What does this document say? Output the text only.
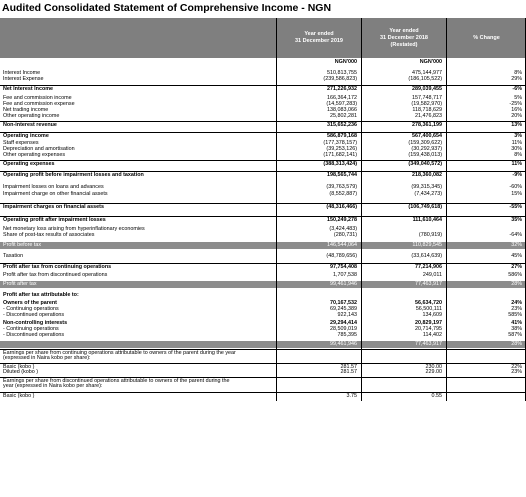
Audited Consolidated Statement of Comprehensive Income - NGN
Year ended
31 December 2019
Year ended
31 December 2018
(Restated)
% Change
NGN'000	NGN'000
Interest Income	510,813,755	475,144,977	8%
Interest Expense	(239,586,823)	(186,105,522)	29%
Net Interest Income	271,226,932	289,039,455	-6%
Fee and commission income	166,364,172	157,748,717	5%
Fee and commission expense	(14,597,283)	(19,582,970)	-25%
Net trading income	138,083,066	118,718,629	16%
Other operating income	25,802,281	21,476,823	20%
Non-interest revenue	315,652,236	278,361,199	13%
Operating income	586,879,168	567,400,654	3%
Staff expenses	(177,378,157)	(159,309,622)	11%
Depreciation and amortisation	(39,253,126)	(30,292,937)	30%
Other operating expenses	(171,682,141)	(159,438,013)	8%
Operating expenses	(388,313,424)	(349,040,572)	11%
Operating profit before impairment losses and taxation	198,565,744	218,360,082	-9%
Impairment losses on loans and advances	(39,763,579)	(99,315,345)	-60%
Impairment charge on other financial assets	(8,552,887)	(7,434,273)	15%
Impairment charges on financial assets	(48,316,466)	(106,749,618)	-55%
Operating profit after impairment losses	150,249,278	111,610,464	35%
Net monetary loss arising from hyperinflationary economies	(3,424,483)
Share of post-tax results of associates	(280,731)	(780,919)	-64%
Profit before tax	146,544,064	110,829,545	32%
Taxation	(48,789,656)	(33,614,639)	45%
Profit after tax from continuing operations	97,754,408	77,214,906	27%
Profit after tax from discontinued operations	1,707,538	249,011	586%
Profit after tax	99,461,946	77,463,917	28%
Profit after tax attributable to:
Owners of the parent	70,167,532	56,634,720	24%
- Continuing operations	69,245,389	56,500,111	23%
- Discontinued operations	922,143	134,609	585%
Non-controlling interests	29,294,414	20,829,197	41%
- Continuing operations	28,509,019	20,714,795	38%
- Discontinued operations	785,395	114,402	587%
99,461,946	77,463,917	28%
Earnings per share from continuing operations attributable to owners of the parent during the year
(expressed in Naira kobo per share):
Basic (kobo )	281.57	230.00	22%
Diluted (kobo )	281.57	229.00	23%
Earnings per share from discontinued operations attributable to owners of the parent during the
year (expressed in Naira kobo per share):
Basic (kobo )	3.75	0.55
